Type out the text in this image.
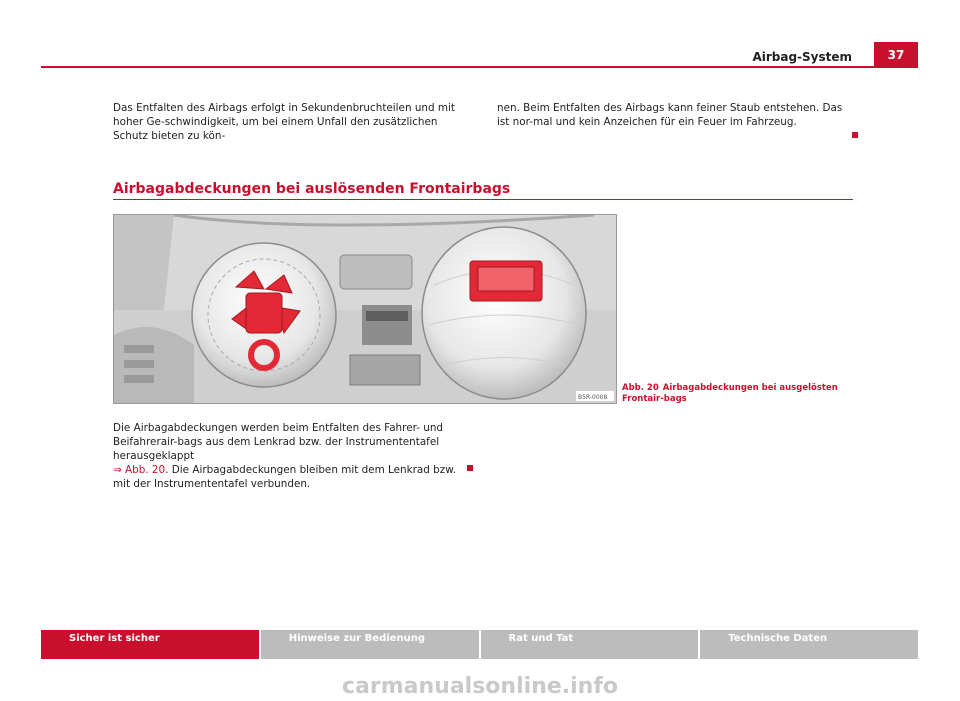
Airbag-System	37
Das Entfalten des Airbags erfolgt in Sekundenbruchteilen und mit hoher Ge-schwindigkeit, um bei einem Unfall den zusätzlichen Schutz bieten zu kön-
nen. Beim Entfalten des Airbags kann feiner Staub entstehen. Das ist nor-mal und kein Anzeichen für ein Feuer im Fahrzeug.
Airbagabdeckungen bei auslösenden Frontairbags
B5R-0008
Abb. 20 Airbagabdeckungen bei ausgelösten Frontair-bags
Die Airbagabdeckungen werden beim Entfalten des Fahrer- und Beifahrerair-bags aus dem Lenkrad bzw. der Instrumententafel herausgeklappt
⇒ Abb. 20. Die Airbagabdeckungen bleiben mit dem Lenkrad bzw. mit der Instrumententafel verbunden.
Sicher ist sicher	Hinweise zur Bedienung	Rat und Tat	Technische Daten
carmanualsonline.info
